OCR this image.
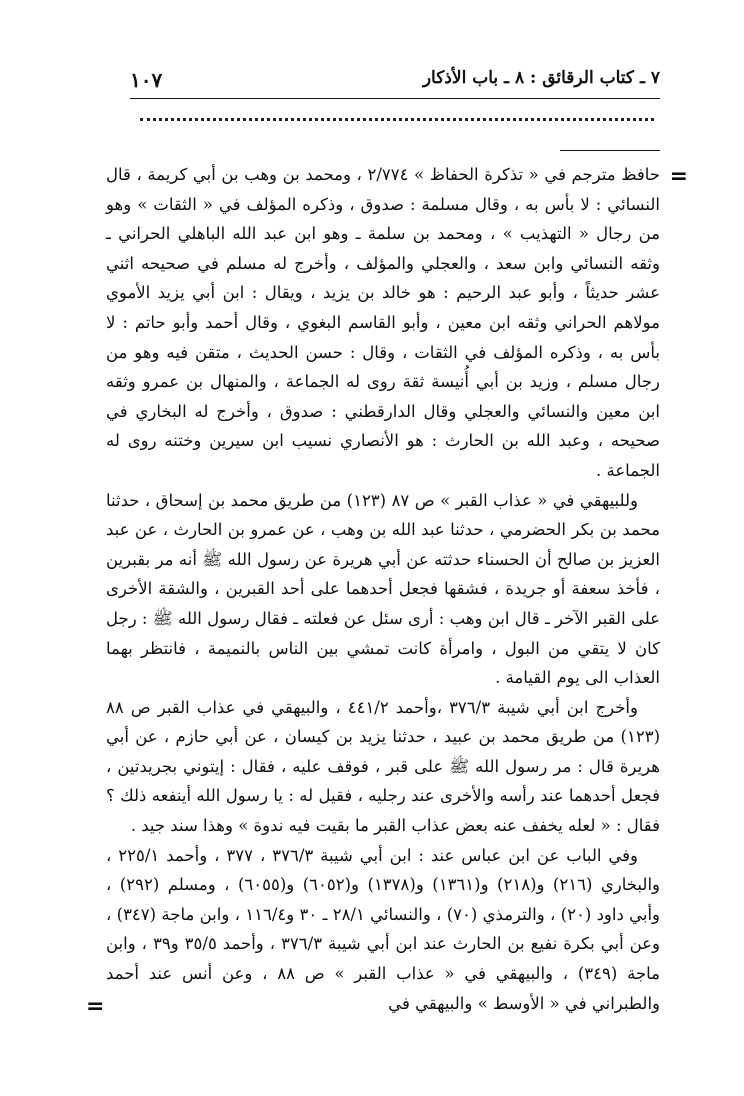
٧ ـ كتاب الرقائق : ٨ ـ باب الأذكار
١٠٧
=

حافظ مترجم في « تذكرة الحفاظ » ٢/٧٧٤ ، ومحمد بن وهب بن أبي كريمة ، قال النسائي : لا بأس به ، وقال مسلمة : صدوق ، وذكره المؤلف في « الثقات » وهو من رجال « التهذيب » ، ومحمد بن سلمة ـ وهو ابن عبد الله الباهلي الحراني ـ وثقه النسائي وابن سعد ، والعجلي والمؤلف ، وأخرج له مسلم في صحيحه اثني عشر حديثاً ، وأبو عبد الرحيم : هو خالد بن يزيد ، ويقال : ابن أبي يزيد الأموي مولاهم الحراني وثقه ابن معين ، وأبو القاسم البغوي ، وقال أحمد وأبو حاتم : لا بأس به ، وذكره المؤلف في الثقات ، وقال : حسن الحديث ، متقن فيه وهو من رجال مسلم ، وزيد بن أبي أُنيسة ثقة روى له الجماعة ، والمنهال بن عمرو وثقه ابن معين والنسائي والعجلي وقال الدارقطني : صدوق ، وأخرج له البخاري في صحيحه ، وعبد الله بن الحارث : هو الأنصاري نسيب ابن سيرين وختنه روى له الجماعة .

وللبيهقي في « عذاب القبر » ص ٨٧ (١٢٣) من طريق محمد بن إسحاق ، حدثنا محمد بن بكر الحضرمي ، حدثنا عبد الله بن وهب ، عن عمرو بن الحارث ، عن عبد العزيز بن صالح أن الحسناء حدثته عن أبي هريرة عن رسول الله ﷺ أنه مر بقبرين ، فأخذ سعفة أو جريدة ، فشقها فجعل أحدهما على أحد القبرين ، والشقة الأخرى على القبر الآخر ـ قال ابن وهب : أرى سئل عن فعلته ـ فقال رسول الله ﷺ : رجل كان لا يتقي من البول ، وامرأة كانت تمشي بين الناس بالنميمة ، فانتظر بهما العذاب الى يوم القيامة .

وأخرج ابن أبي شيبة ٣٧٦/٣ ،وأحمد ٤٤١/٢ ، والبيهقي في عذاب القبر ص ٨٨ (١٢٣) من طريق محمد بن عبيد ، حدثنا يزيد بن كيسان ، عن أبي حازم ، عن أبي هريرة قال : مر رسول الله ﷺ على قبر ، فوقف عليه ، فقال : إيتوني بجريدتين ، فجعل أحدهما عند رأسه والأخرى عند رجليه ، فقيل له : يا رسول الله أينفعه ذلك ؟ فقال : « لعله يخفف عنه بعض عذاب القبر ما بقيت فيه ندوة » وهذا سند جيد .

وفي الباب عن ابن عباس عند : ابن أبي شيبة ٣٧٦/٣ ، ٣٧٧ ، وأحمد ٢٢٥/١ ، والبخاري (٢١٦) و(٢١٨) و(١٣٦١) و(١٣٧٨) و(٦٠٥٢) و(٦٠٥٥) ، ومسلم (٢٩٢) ، وأبي داود (٢٠) ، والترمذي (٧٠) ، والنسائي ٢٨/١ ـ ٣٠ و١١٦/٤ ، وابن ماجة (٣٤٧) ، وعن أبي بكرة نفيع بن الحارث عند ابن أبي شيبة ٣٧٦/٣ ، وأحمد ٣٥/٥ و٣٩ ، وابن ماجة (٣٤٩) ، والبيهقي في « عذاب القبر » ص ٨٨ ، وعن أنس عند أحمد والطبراني في « الأوسط » والبيهقي في

=
